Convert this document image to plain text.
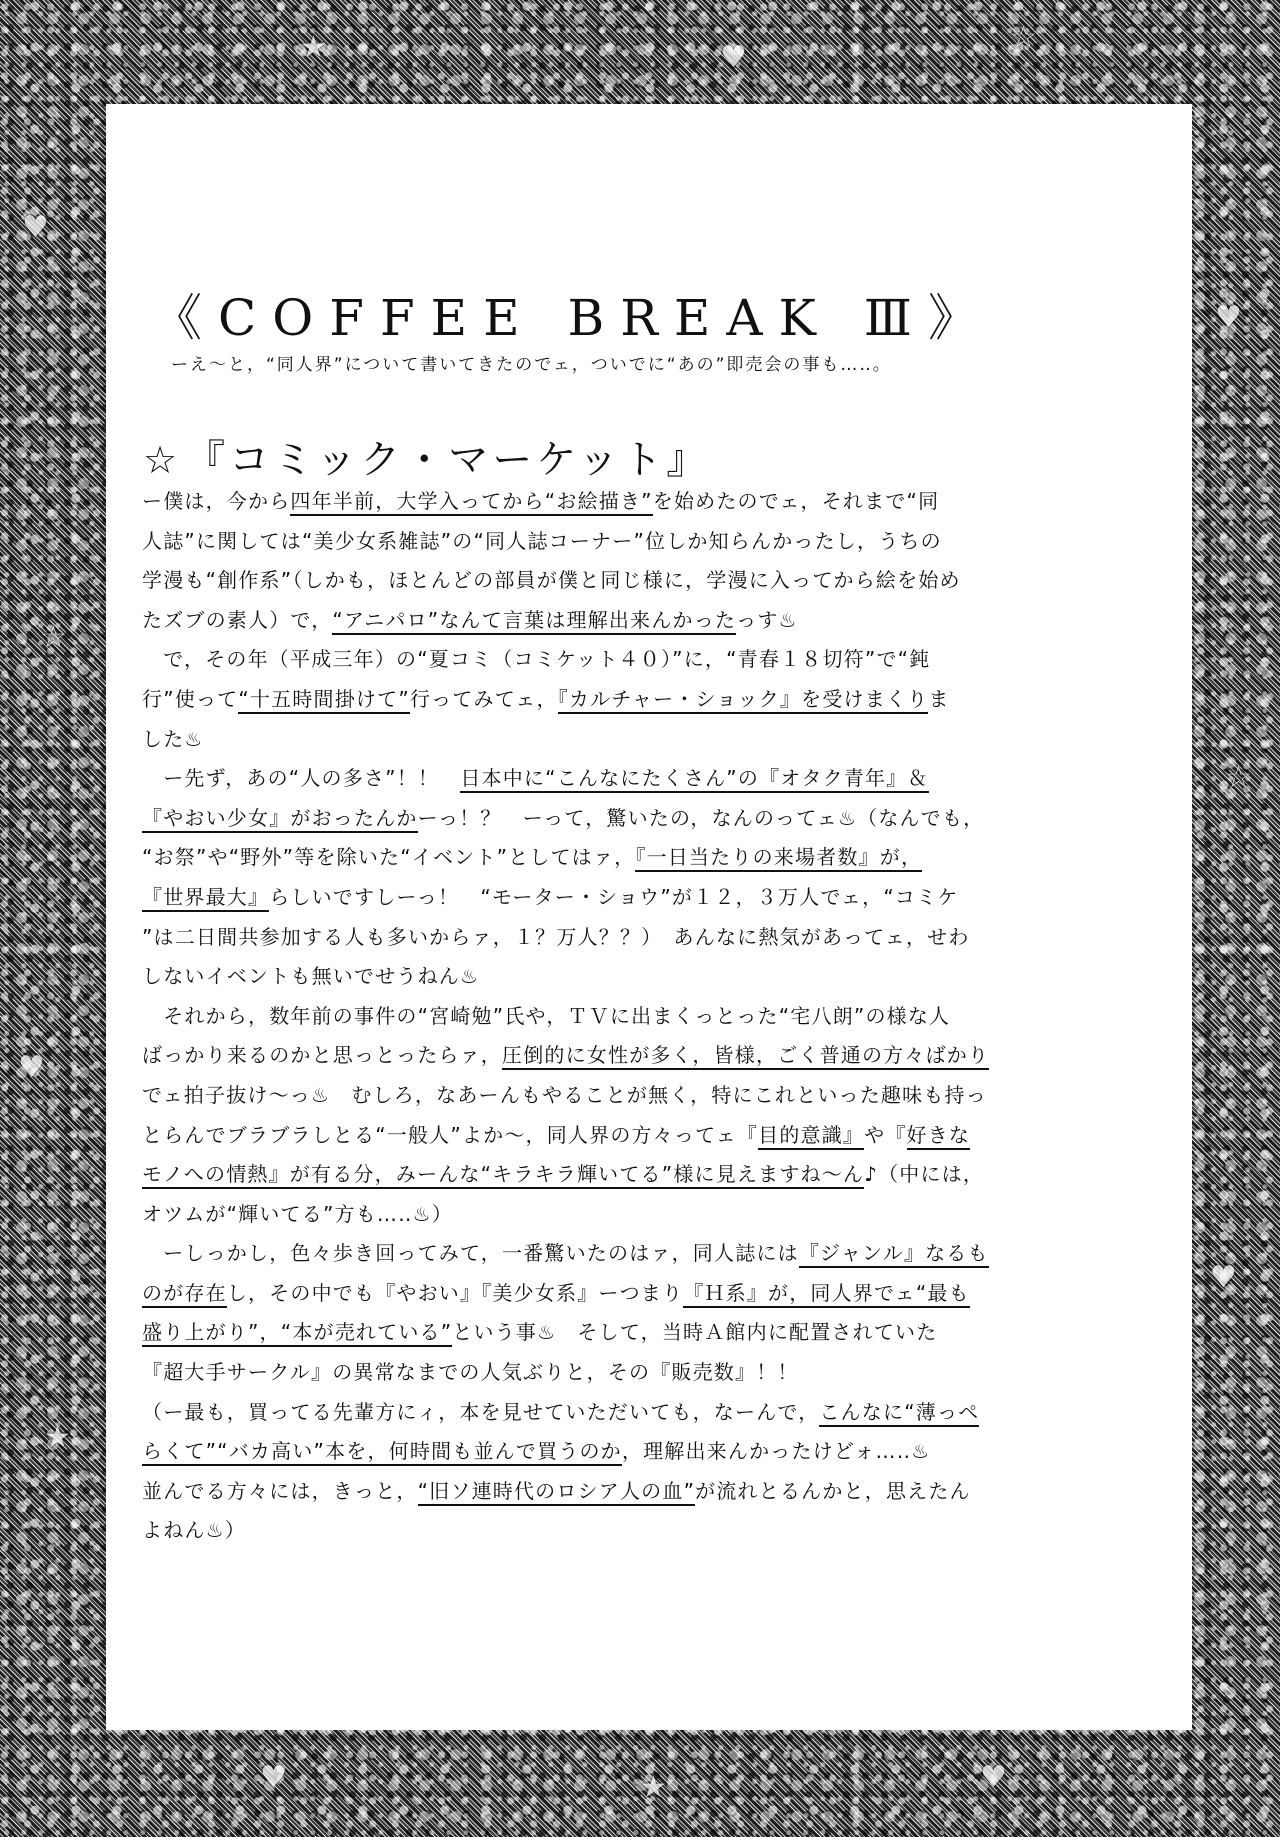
♥
☆
♥
★
♥
☆
♥
★	♥
☆
♥	★	♥
《COFFEE BREAK Ⅲ》
ーえ～と，“同人界”について書いてきたのでェ，ついでに“あの”即売会の事も…‥。
☆ 『コミック・マーケット』
ー僕は，今から四年半前，大学入ってから“お絵描き”を始めたのでェ，それまで“同
人誌”に関しては“美少女系雑誌”の“同人誌コーナー”位しか知らんかったし，うちの
学漫も“創作系”（しかも，ほとんどの部員が僕と同じ様に，学漫に入ってから絵を始め
たズブの素人）で，“アニパロ”なんて言葉は理解出来んかったっす♨
　で，その年（平成三年）の“夏コミ（コミケット４０）”に，“青春１８切符”で“鈍
行”使って“十五時間掛けて”行ってみてェ，『カルチャー・ショック』を受けまくりま
した♨
　ー先ず，あの“人の多さ”！！　日本中に“こんなにたくさん”の『オタク青年』＆
『やおい少女』がおったんかーっ！？　ーって，驚いたの，なんのってェ♨（なんでも，
“お祭”や“野外”等を除いた“イベント”としてはァ，『一日当たりの来場者数』が，
『世界最大』らしいですしーっ！　“モーター・ショウ”が１２，３万人でェ，“コミケ
”は二日間共参加する人も多いからァ，１？万人？？）　あんなに熱気があってェ，せわ
しないイベントも無いでせうねん♨
　それから，数年前の事件の“宮崎勉”氏や，ＴＶに出まくっとった“宅八朗”の様な人
ばっかり来るのかと思っとったらァ，圧倒的に女性が多く，皆様，ごく普通の方々ばかり
でェ拍子抜け～っ♨　むしろ，なあーんもやることが無く，特にこれといった趣味も持っ
とらんでブラブラしとる“一般人”よか～，同人界の方々ってェ『目的意識』や『好きな
モノへの情熱』が有る分，みーんな“キラキラ輝いてる”様に見えますね～ん♪（中には，
オツムが“輝いてる”方も…‥♨）
　ーしっかし，色々歩き回ってみて，一番驚いたのはァ，同人誌には『ジャンル』なるも
のが存在し，その中でも『やおい』『美少女系』ーつまり『Ｈ系』が，同人界でェ“最も
盛り上がり”，“本が売れている”という事♨　そして，当時Ａ館内に配置されていた
『超大手サークル』の異常なまでの人気ぶりと，その『販売数』！！
（ー最も，買ってる先輩方にィ，本を見せていただいても，なーんで，こんなに“薄っペ
らくて”“バカ高い”本を，何時間も並んで買うのか，理解出来んかったけどォ…‥♨
並んでる方々には，きっと，“旧ソ連時代のロシア人の血”が流れとるんかと，思えたん
よねん♨）
